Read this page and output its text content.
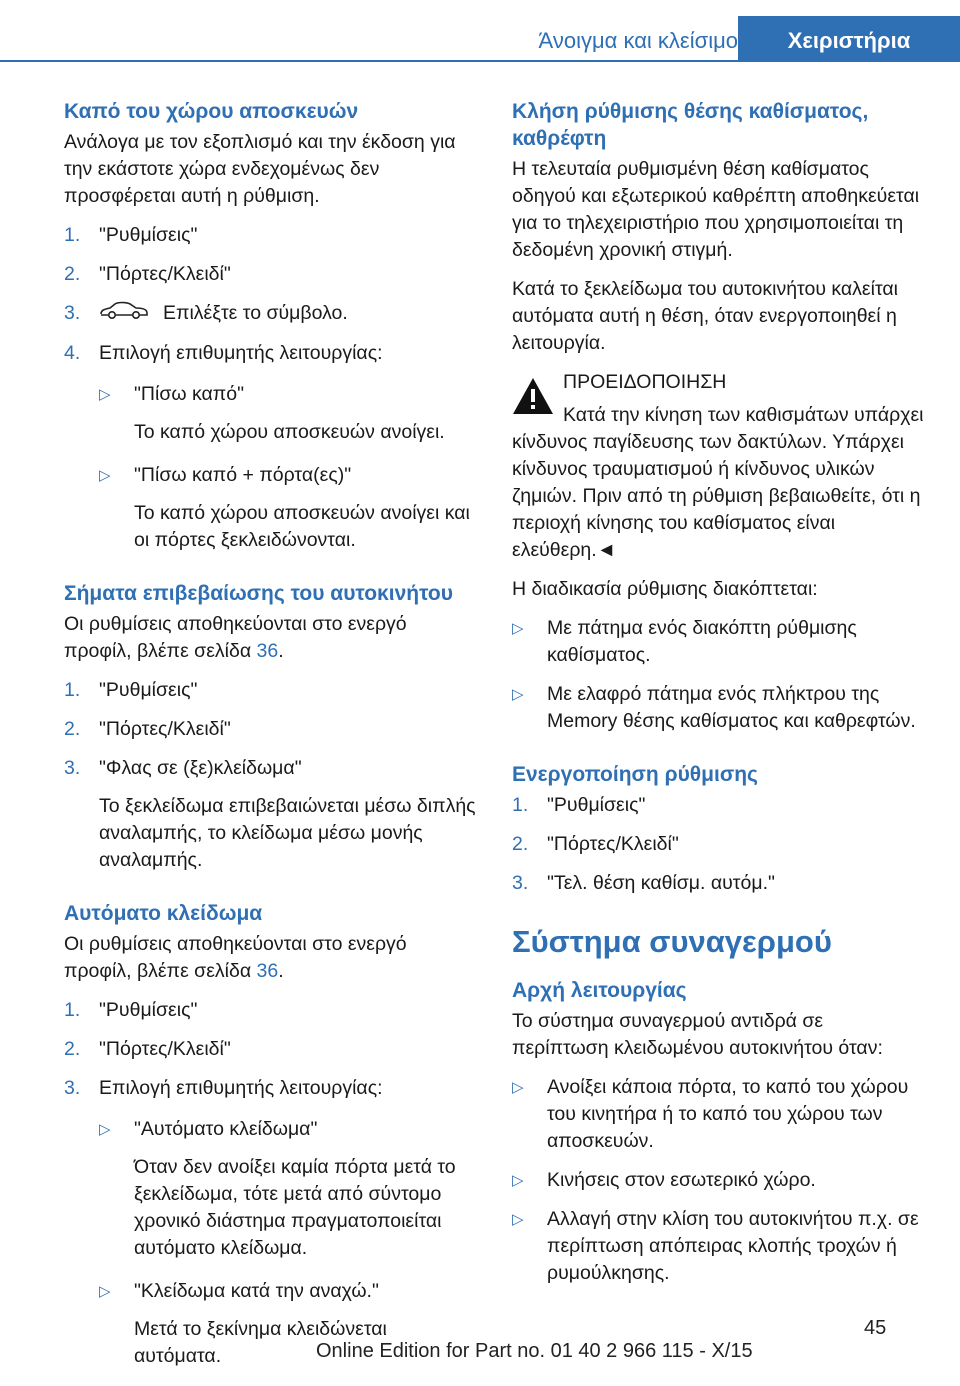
Άνοιγμα και κλείσιμο	Χειριστήρια
Καπό του χώρου αποσκευών

Ανάλογα με τον εξοπλισμό και την έκδοση για την εκάστοτε χώρα ενδεχομένως δεν προσφέρεται αυτή η ρύθμιση.

1. "Ρυθμίσεις"
2. "Πόρτες/Κλειδί"
3.	Επιλέξτε το σύμβολο.
4. Επιλογή επιθυμητής λειτουργίας:
▷ "Πίσω καπό"
Το καπό χώρου αποσκευών ανοίγει.
▷ "Πίσω καπό + πόρτα(ες)"
Το καπό χώρου αποσκευών ανοίγει και οι πόρτες ξεκλειδώνονται.
Σήματα επιβεβαίωσης του αυτοκινήτου

Οι ρυθμίσεις αποθηκεύονται στο ενεργό προφίλ, βλέπε σελίδα 36.

1. "Ρυθμίσεις"
2. "Πόρτες/Κλειδί"
3. "Φλας σε (ξε)κλείδωμα"
Το ξεκλείδωμα επιβεβαιώνεται μέσω διπλής αναλαμπής, το κλείδωμα μέσω μονής αναλαμπής.
Αυτόματο κλείδωμα

Οι ρυθμίσεις αποθηκεύονται στο ενεργό προφίλ, βλέπε σελίδα 36.

1. "Ρυθμίσεις"
2. "Πόρτες/Κλειδί"
3. Επιλογή επιθυμητής λειτουργίας:
▷ "Αυτόματο κλείδωμα"
Όταν δεν ανοίξει καμία πόρτα μετά το ξεκλείδωμα, τότε μετά από σύντομο χρονικό διάστημα πραγματοποιείται αυτόματο κλείδωμα.
▷ "Κλείδωμα κατά την αναχώ."
Μετά το ξεκίνημα κλειδώνεται αυτόματα.
Κλήση ρύθμισης θέσης καθίσματος, καθρέφτη

Η τελευταία ρυθμισμένη θέση καθίσματος οδηγού και εξωτερικού καθρέπτη αποθηκεύεται για το τηλεχειριστήριο που χρησιμοποιείται τη δεδομένη χρονική στιγμή.

Κατά το ξεκλείδωμα του αυτοκινήτου καλείται αυτόματα αυτή η θέση, όταν ενεργοποιηθεί η λειτουργία.

ΠΡΟΕΙΔΟΠΟΙΗΣΗ

Κατά την κίνηση των καθισμάτων υπάρχει κίνδυνος παγίδευσης των δακτύλων. Υπάρχει κίνδυνος τραυματισμού ή κίνδυνος υλικών ζημιών. Πριν από τη ρύθμιση βεβαιωθείτε, ότι η περιοχή κίνησης του καθίσματος είναι ελεύθερη.◄

Η διαδικασία ρύθμισης διακόπτεται:

▷ Με πάτημα ενός διακόπτη ρύθμισης καθίσματος.
▷ Με ελαφρό πάτημα ενός πλήκτρου της Memory θέσης καθίσματος και καθρεφτών.
Ενεργοποίηση ρύθμισης
1. "Ρυθμίσεις"
2. "Πόρτες/Κλειδί"
3. "Τελ. θέση καθίσμ. αυτόμ."
Σύστημα συναγερμού
Αρχή λειτουργίας

Το σύστημα συναγερμού αντιδρά σε περίπτωση κλειδωμένου αυτοκινήτου όταν:

▷ Ανοίξει κάποια πόρτα, το καπό του χώρου του κινητήρα ή το καπό του χώρου των αποσκευών.
▷ Κινήσεις στον εσωτερικό χώρο.
▷ Αλλαγή στην κλίση του αυτοκινήτου π.χ. σε περίπτωση απόπειρας κλοπής τροχών ή ρυμούλκησης.
45
Online Edition for Part no. 01 40 2 966 115 - X/15
